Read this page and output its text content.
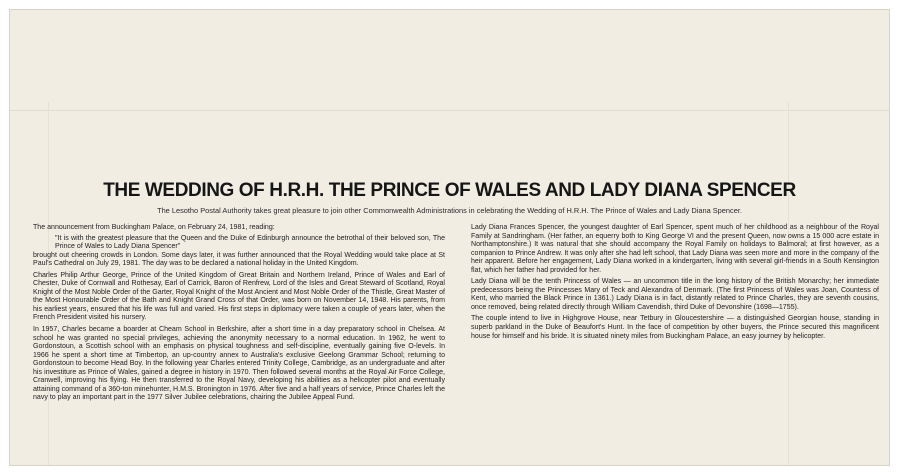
THE WEDDING OF H.R.H. THE PRINCE OF WALES AND LADY DIANA SPENCER
The Lesotho Postal Authority takes great pleasure to join other Commonwealth Administrations in celebrating the Wedding of H.R.H. The Prince of Wales and Lady Diana Spencer.

The announcement from Buckingham Palace, on February 24, 1981, reading:

"It is with the greatest pleasure that the Queen and the Duke of Edinburgh announce the betrothal of their beloved son, The Prince of Wales to Lady Diana Spencer"

brought out cheering crowds in London. Some days later, it was further announced that the Royal Wedding would take place at St Paul's Cathedral on July 29, 1981. The day was to be declared a national holiday in the United Kingdom.

Charles Philip Arthur George, Prince of the United Kingdom of Great Britain and Northern Ireland, Prince of Wales and Earl of Chester, Duke of Cornwall and Rothesay, Earl of Carrick, Baron of Renfrew, Lord of the Isles and Great Steward of Scotland, Royal Knight of the Most Noble Order of the Garter, Royal Knight of the Most Ancient and Most Noble Order of the Thistle, Great Master of the Most Honourable Order of the Bath and Knight Grand Cross of that Order, was born on November 14, 1948. His parents, from his earliest years, ensured that his life was full and varied. His first steps in diplomacy were taken a couple of years later, when the French President visited his nursery.

In 1957, Charles became a boarder at Cheam School in Berkshire, after a short time in a day preparatory school in Chelsea. At school he was granted no special privileges, achieving the anonymity necessary to a normal education. In 1962, he went to Gordonstoun, a Scottish school with an emphasis on physical toughness and self-discipline, eventually gaining five O-levels. In 1966 he spent a short time at Timbertop, an up-country annex to Australia's exclusive Geelong Grammar School; returning to Gordonstoun to become Head Boy. In the following year Charles entered Trinity College, Cambridge, as an undergraduate and after his investiture as Prince of Wales, gained a degree in history in 1970. Then followed several months at the Royal Air Force College, Cranwell, improving his flying. He then transferred to the Royal Navy, developing his abilities as a helicopter pilot and eventually attaining command of a 360-ton minehunter, H.M.S. Bronington in 1976. After five and a half years of service, Prince Charles left the navy to play an important part in the 1977 Silver Jubilee celebrations, chairing the Jubilee Appeal Fund.

Lady Diana Frances Spencer, the youngest daughter of Earl Spencer, spent much of her childhood as a neighbour of the Royal Family at Sandringham. (Her father, an equerry both to King George VI and the present Queen, now owns a 15 000 acre estate in Northamptonshire.) It was natural that she should accompany the Royal Family on holidays to Balmoral; at first however, as a companion to Prince Andrew. It was only after she had left school, that Lady Diana was seen more and more in the company of the heir apparent. Before her engagement, Lady Diana worked in a kindergarten, living with several girl-friends in a South Kensington flat, which her father had provided for her.

Lady Diana will be the tenth Princess of Wales — an uncommon title in the long history of the British Monarchy; her immediate predecessors being the Princesses Mary of Teck and Alexandra of Denmark. (The first Princess of Wales was Joan, Countess of Kent, who married the Black Prince in 1361.) Lady Diana is in fact, distantly related to Prince Charles, they are seventh cousins, once removed, being related directly through William Cavendish, third Duke of Devonshire (1698—1755).

The couple intend to live in Highgrove House, near Tetbury in Gloucestershire — a distinguished Georgian house, standing in superb parkland in the Duke of Beaufort's Hunt. In the face of competition by other buyers, the Prince secured this magnificent house for himself and his bride. It is situated ninety miles from Buckingham Palace, an easy journey by helicopter.
